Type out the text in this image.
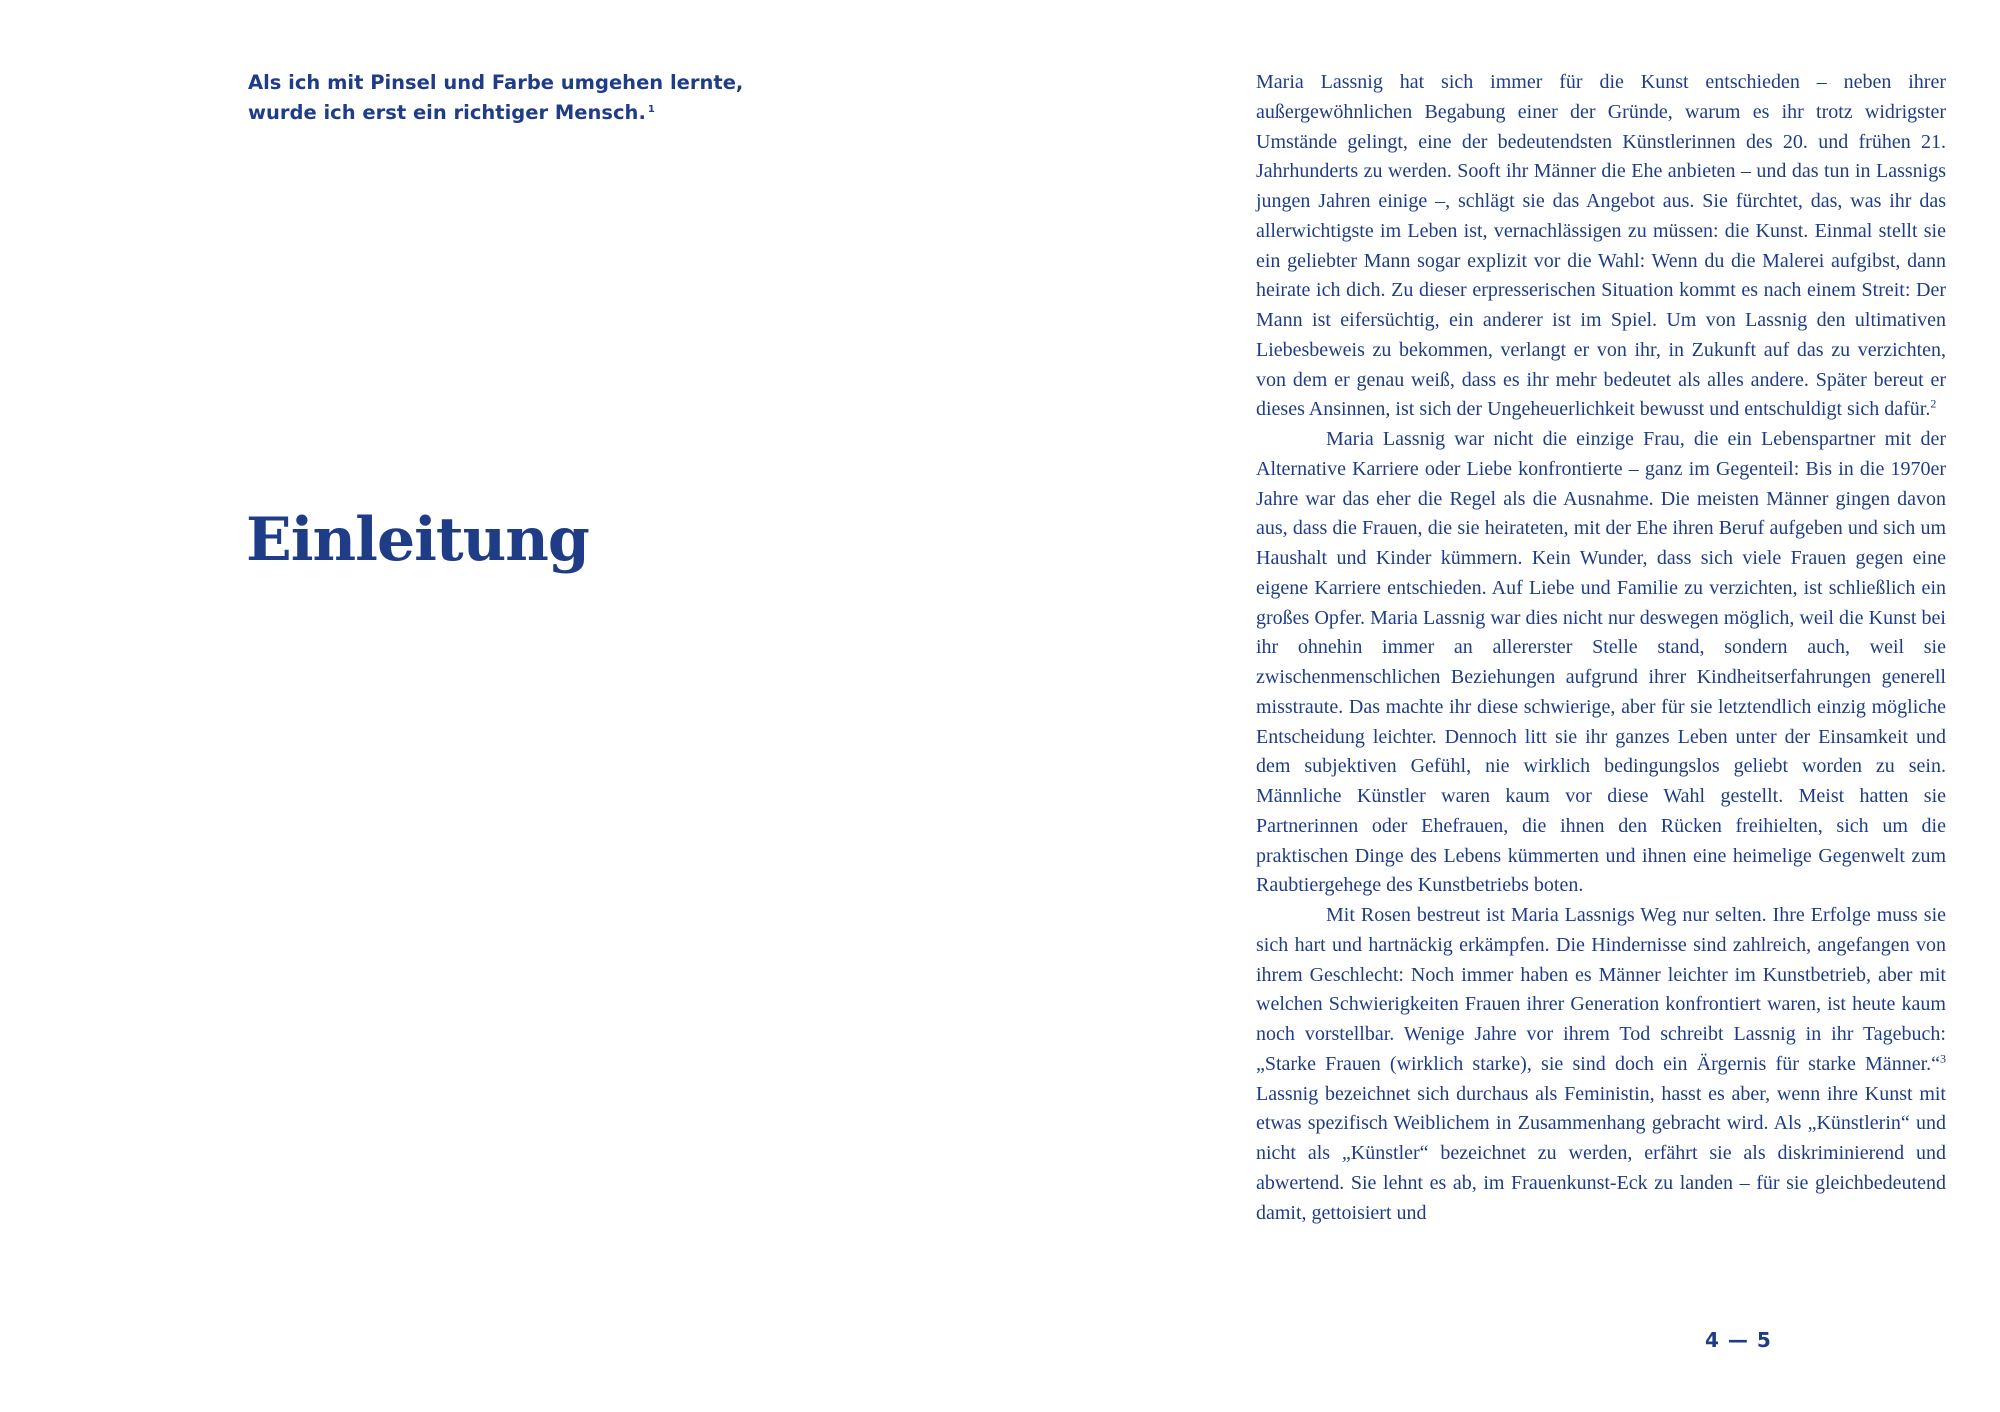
Als ich mit Pinsel und Farbe umgehen lernte,
wurde ich erst ein richtiger Mensch. $^1$
Einleitung

Maria Lassnig hat sich immer für die Kunst entschieden – neben ihrer außergewöhnlichen Begabung einer der Gründe, warum es ihr trotz widrigster Umstände gelingt, eine der bedeutendsten Künstlerinnen des 20. und frühen 21. Jahrhunderts zu werden. Sooft ihr Männer die Ehe anbieten – und das tun in Lassnigs jungen Jahren einige –, schlägt sie das Angebot aus. Sie fürchtet, das, was ihr das allerwichtigste im Leben ist, vernachlässigen zu müssen: die Kunst. Einmal stellt sie ein geliebter Mann sogar explizit vor die Wahl: Wenn du die Malerei aufgibst, dann heirate ich dich. Zu dieser erpresserischen Situation kommt es nach einem Streit: Der Mann ist eifersüchtig, ein anderer ist im Spiel. Um von Lassnig den ultimativen Liebesbeweis zu bekommen, verlangt er von ihr, in Zukunft auf das zu verzichten, von dem er genau weiß, dass es ihr mehr bedeutet als alles andere. Später bereut er dieses Ansinnen, ist sich der Ungeheuerlichkeit bewusst und entschuldigt sich dafür.$^2$

Maria Lassnig war nicht die einzige Frau, die ein Lebenspartner mit der Alternative Karriere oder Liebe konfrontierte – ganz im Gegenteil: Bis in die 1970er Jahre war das eher die Regel als die Ausnahme. Die meisten Männer gingen davon aus, dass die Frauen, die sie heirateten, mit der Ehe ihren Beruf aufgeben und sich um Haushalt und Kinder kümmern. Kein Wunder, dass sich viele Frauen gegen eine eigene Karriere entschieden. Auf Liebe und Familie zu verzichten, ist schließlich ein großes Opfer. Maria Lassnig war dies nicht nur deswegen möglich, weil die Kunst bei ihr ohnehin immer an allererster Stelle stand, sondern auch, weil sie zwischenmenschlichen Beziehungen aufgrund ihrer Kindheitserfahrungen generell misstraute. Das machte ihr diese schwierige, aber für sie letztendlich einzig mögliche Entscheidung leichter. Dennoch litt sie ihr ganzes Leben unter der Einsamkeit und dem subjektiven Gefühl, nie wirklich bedingungslos geliebt worden zu sein. Männliche Künstler waren kaum vor diese Wahl gestellt. Meist hatten sie Partnerinnen oder Ehefrauen, die ihnen den Rücken freihielten, sich um die praktischen Dinge des Lebens kümmerten und ihnen eine heimelige Gegenwelt zum Raubtiergehege des Kunstbetriebs boten.

Mit Rosen bestreut ist Maria Lassnigs Weg nur selten. Ihre Erfolge muss sie sich hart und hartnäckig erkämpfen. Die Hindernisse sind zahlreich, angefangen von ihrem Geschlecht: Noch immer haben es Männer leichter im Kunstbetrieb, aber mit welchen Schwierigkeiten Frauen ihrer Generation konfrontiert waren, ist heute kaum noch vorstellbar. Wenige Jahre vor ihrem Tod schreibt Lassnig in ihr Tagebuch: „Starke Frauen (wirklich starke), sie sind doch ein Ärgernis für starke Männer.“$^3$ Lassnig bezeichnet sich durchaus als Feministin, hasst es aber, wenn ihre Kunst mit etwas spezifisch Weiblichem in Zusammenhang gebracht wird. Als „Künstlerin“ und nicht als „Künstler“ bezeichnet zu werden, erfährt sie als diskriminierend und abwertend. Sie lehnt es ab, im Frauenkunst-Eck zu landen – für sie gleichbedeutend damit, gettoisiert und

4 — 5
